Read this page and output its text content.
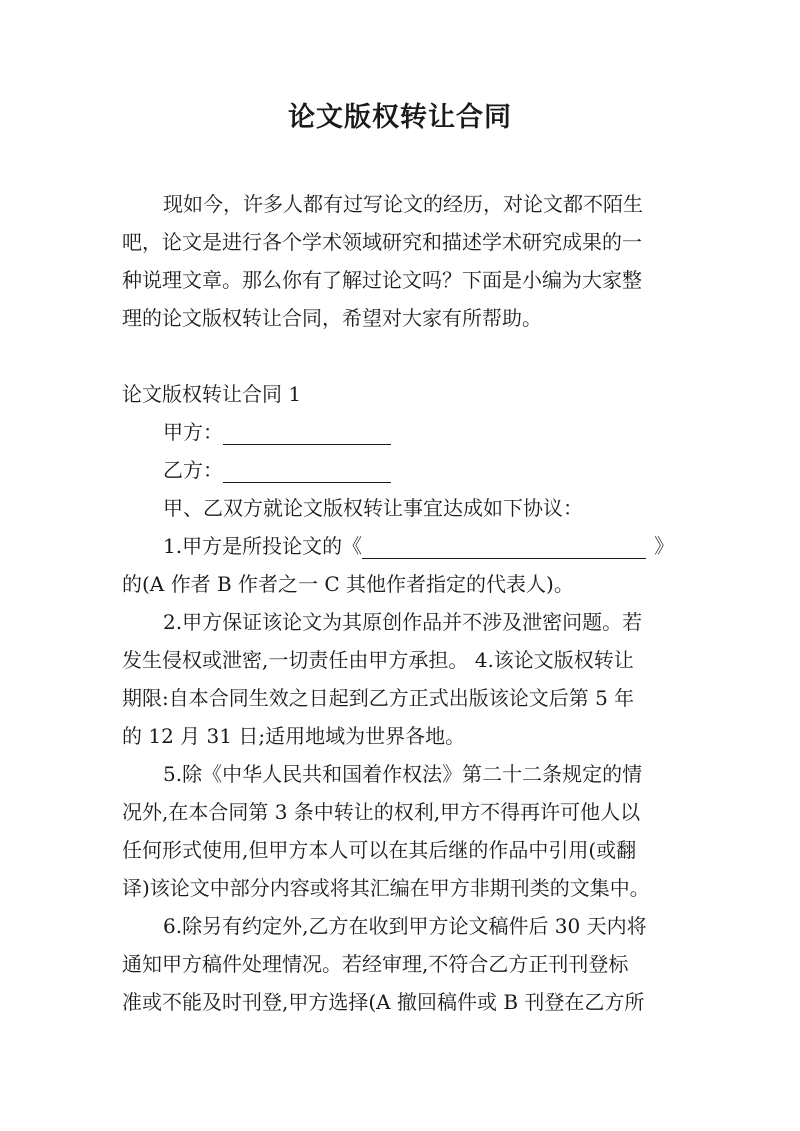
论文版权转让合同
现如今，许多人都有过写论文的经历，对论文都不陌生
吧，论文是进行各个学术领域研究和描述学术研究成果的一
种说理文章。那么你有了解过论文吗？下面是小编为大家整
理的论文版权转让合同，希望对大家有所帮助。
论文版权转让合同 1
甲方：
乙方：
甲、乙双方就论文版权转让事宜达成如下协议：
1.甲方是所投论文的《	》
的(A 作者 B 作者之一 C 其他作者指定的代表人)。
2.甲方保证该论文为其原创作品并不涉及泄密问题。若
发生侵权或泄密,一切责任由甲方承担。 4.该论文版权转让
期限:自本合同生效之日起到乙方正式出版该论文后第 5 年
的 12 月 31 日;适用地域为世界各地。
5.除《中华人民共和国着作权法》第二十二条规定的情
况外,在本合同第 3 条中转让的权利,甲方不得再许可他人以
任何形式使用,但甲方本人可以在其后继的作品中引用(或翻
译)该论文中部分内容或将其汇编在甲方非期刊类的文集中。
6.除另有约定外,乙方在收到甲方论文稿件后 30 天内将
通知甲方稿件处理情况。若经审理,不符合乙方正刊刊登标
准或不能及时刊登,甲方选择(A 撤回稿件或 B 刊登在乙方所
